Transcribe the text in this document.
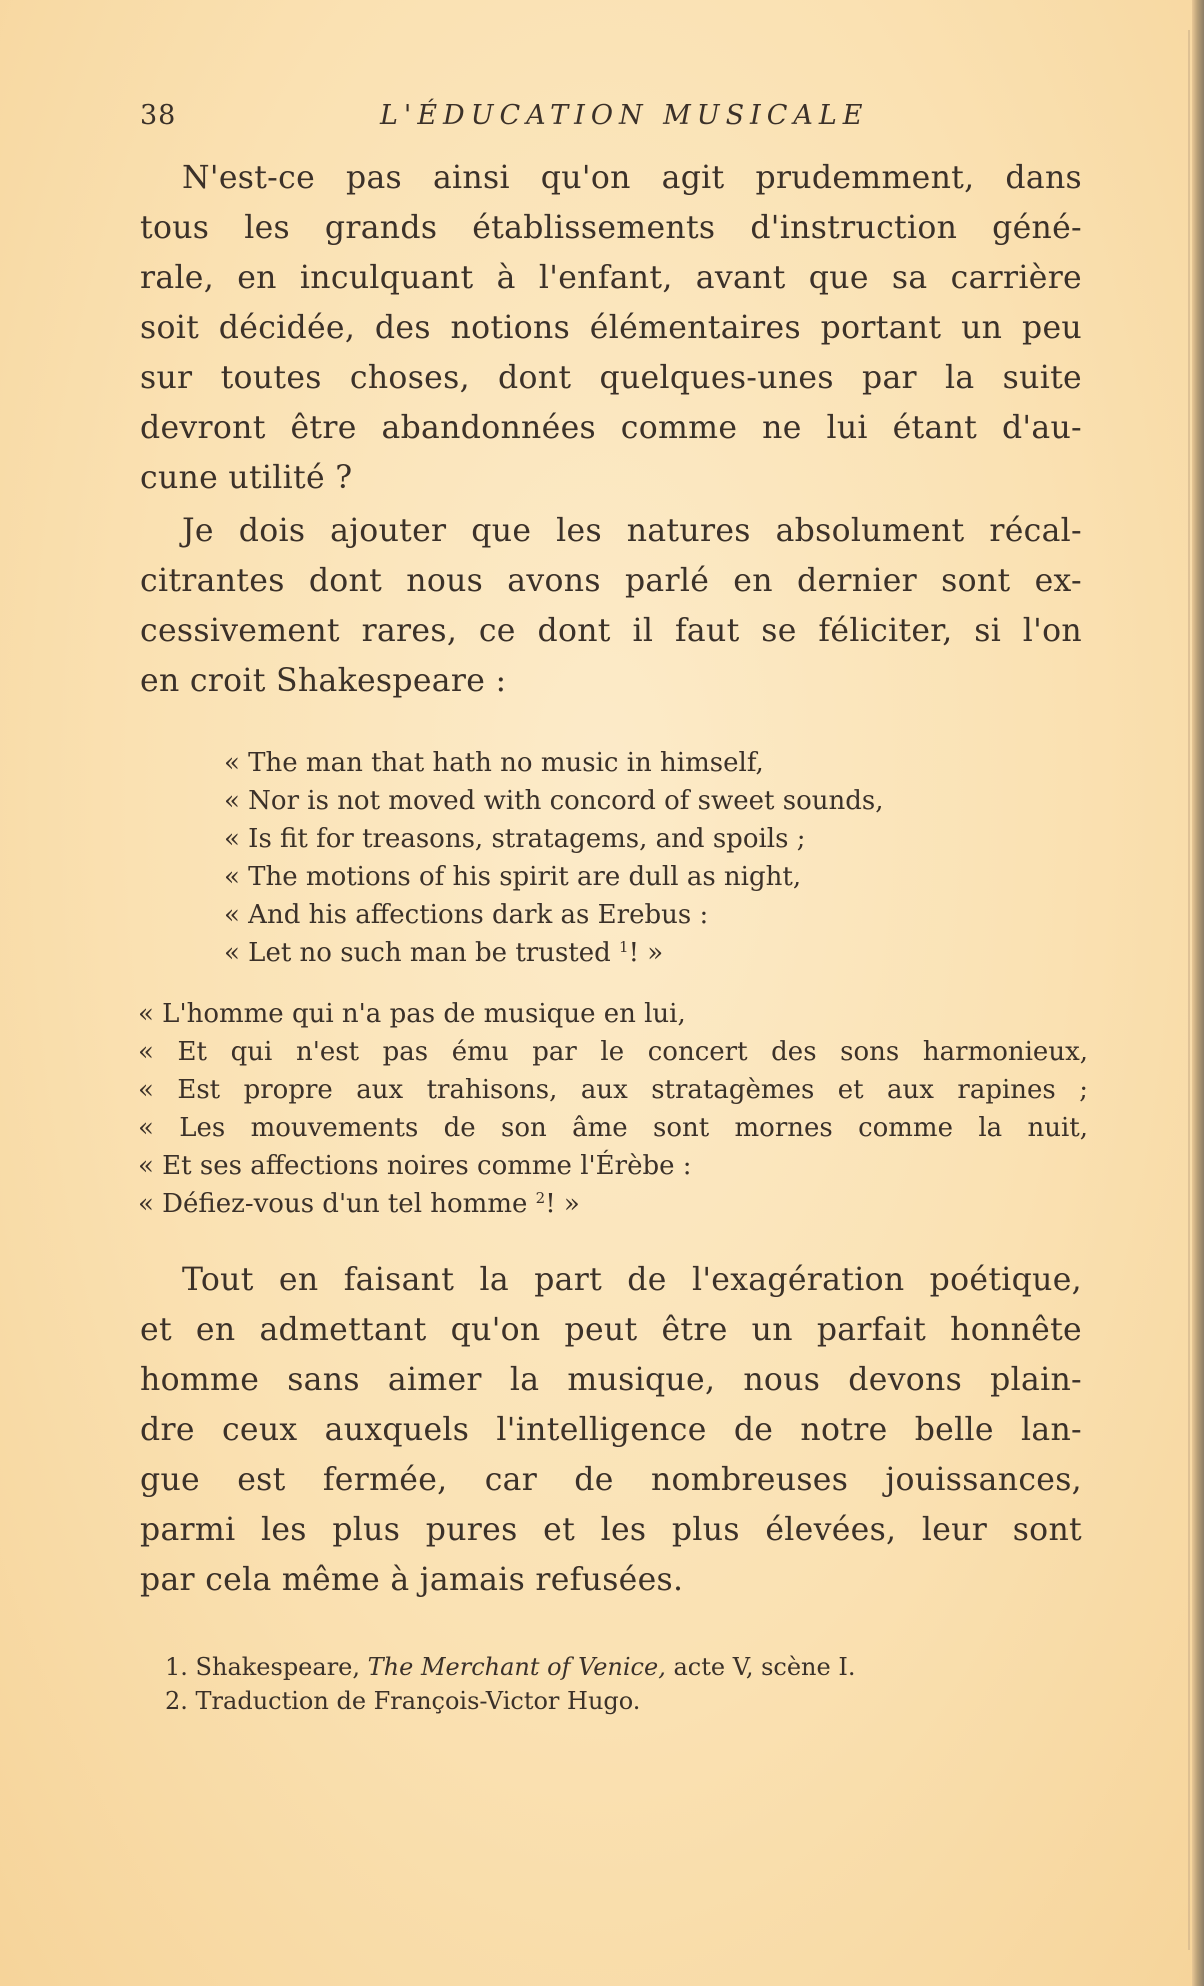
38	L'ÉDUCATION MUSICALE

N'est-ce pas ainsi qu'on agit prudemment, dans
tous les grands établissements d'instruction géné-
rale, en inculquant à l'enfant, avant que sa carrière
soit décidée, des notions élémentaires portant un peu
sur toutes choses, dont quelques-unes par la suite
devront être abandonnées comme ne lui étant d'au-
cune utilité ?

Je dois ajouter que les natures absolument récal-
citrantes dont nous avons parlé en dernier sont ex-
cessivement rares, ce dont il faut se féliciter, si l'on
en croit Shakespeare :

« The man that hath no music in himself,
« Nor is not moved with concord of sweet sounds,
« Is fit for treasons, stratagems, and spoils ;
« The motions of his spirit are dull as night,
« And his affections dark as Erebus :
« Let no such man be trusted $^1$! »
« L'homme qui n'a pas de musique en lui,
« Et qui n'est pas ému par le concert des sons harmonieux,
« Est propre aux trahisons, aux stratagèmes et aux rapines ;
« Les mouvements de son âme sont mornes comme la nuit,
« Et ses affections noires comme l'Érèbe :
« Défiez-vous d'un tel homme $^2$! »

Tout en faisant la part de l'exagération poétique,
et en admettant qu'on peut être un parfait honnête
homme sans aimer la musique, nous devons plain-
dre ceux auxquels l'intelligence de notre belle lan-
gue est fermée, car de nombreuses jouissances,
parmi les plus pures et les plus élevées, leur sont
par cela même à jamais refusées.

1. Shakespeare, The Merchant of Venice, acte V, scène I.
2. Traduction de François-Victor Hugo.
